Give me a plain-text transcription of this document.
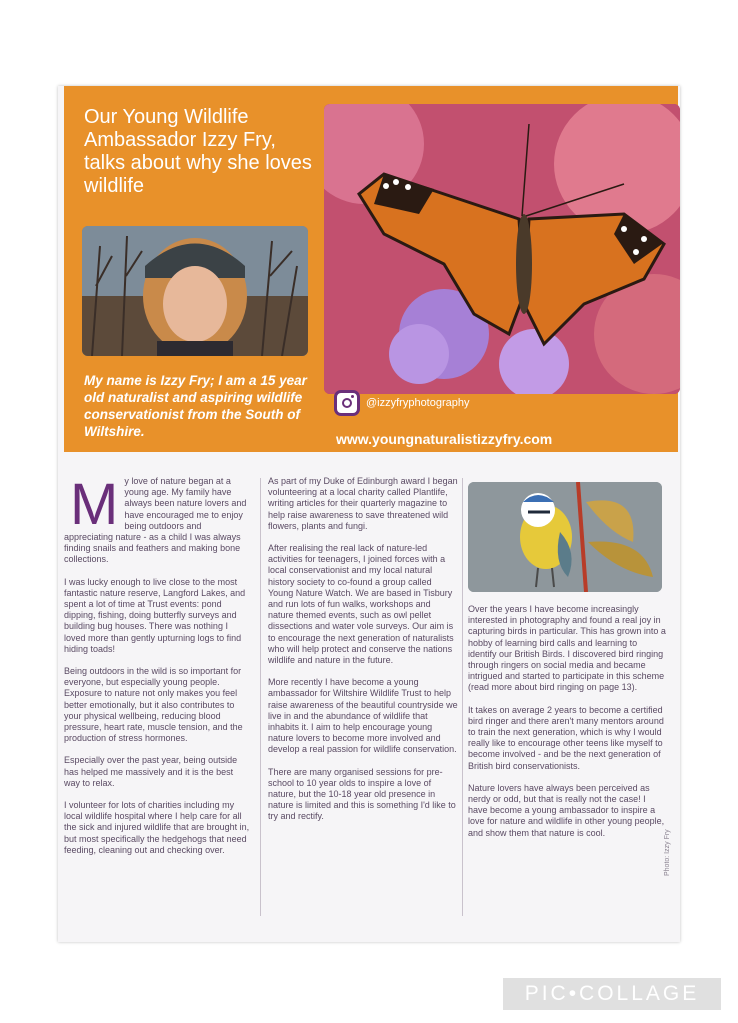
Our Young Wildlife Ambassador Izzy Fry, talks about why she loves wildlife

My name is Izzy Fry; I am a 15 year old naturalist and aspiring wildlife conservationist from the South of Wiltshire.

@izzyfryphotography
www.youngnaturalistizzyfry.com
M y love of nature began at a young age. My family have always been nature lovers and have encouraged me to enjoy being outdoors and appreciating nature - as a child I was always finding snails and feathers and making bone collections.

I was lucky enough to live close to the most fantastic nature reserve, Langford Lakes, and spent a lot of time at Trust events: pond dipping, fishing, doing butterfly surveys and building bug houses. There was nothing I loved more than gently upturning logs to find hiding toads!

Being outdoors in the wild is so important for everyone, but especially young people. Exposure to nature not only makes you feel better emotionally, but it also contributes to your physical wellbeing, reducing blood pressure, heart rate, muscle tension, and the production of stress hormones.

Especially over the past year, being outside has helped me massively and it is the best way to relax.

I volunteer for lots of charities including my local wildlife hospital where I help care for all the sick and injured wildlife that are brought in, but most specifically the hedgehogs that need feeding, cleaning out and checking over.

As part of my Duke of Edinburgh award I began volunteering at a local charity called Plantlife, writing articles for their quarterly magazine to help raise awareness to save threatened wild flowers, plants and fungi.

After realising the real lack of nature-led activities for teenagers, I joined forces with a local conservationist and my local natural history society to co-found a group called Young Nature Watch. We are based in Tisbury and run lots of fun walks, workshops and nature themed events, such as owl pellet dissections and water vole surveys. Our aim is to encourage the next generation of naturalists who will help protect and conserve the nations wildlife and nature in the future.

More recently I have become a young ambassador for Wiltshire Wildlife Trust to help raise awareness of the beautiful countryside we live in and the abundance of wildlife that inhabits it. I aim to help encourage young nature lovers to become more involved and develop a real passion for wildlife conservation.

There are many organised sessions for pre-school to 10 year olds to inspire a love of nature, but the 10-18 year old presence in nature is limited and this is something I'd like to try and rectify.

Over the years I have become increasingly interested in photography and found a real joy in capturing birds in particular. This has grown into a hobby of learning bird calls and learning to identify our British Birds. I discovered bird ringing through ringers on social media and became intrigued and started to participate in this scheme (read more about bird ringing on page 13).

It takes on average 2 years to become a certified bird ringer and there aren't many mentors around to train the next generation, which is why I would really like to encourage other teens like myself to become involved - and be the next generation of British bird conservationists.

Nature lovers have always been perceived as nerdy or odd, but that is really not the case! I have become a young ambassador to inspire a love for nature and wildlife in other young people, and show them that nature is cool.	Photo: Izzy Fry
PIC•COLLAGE
